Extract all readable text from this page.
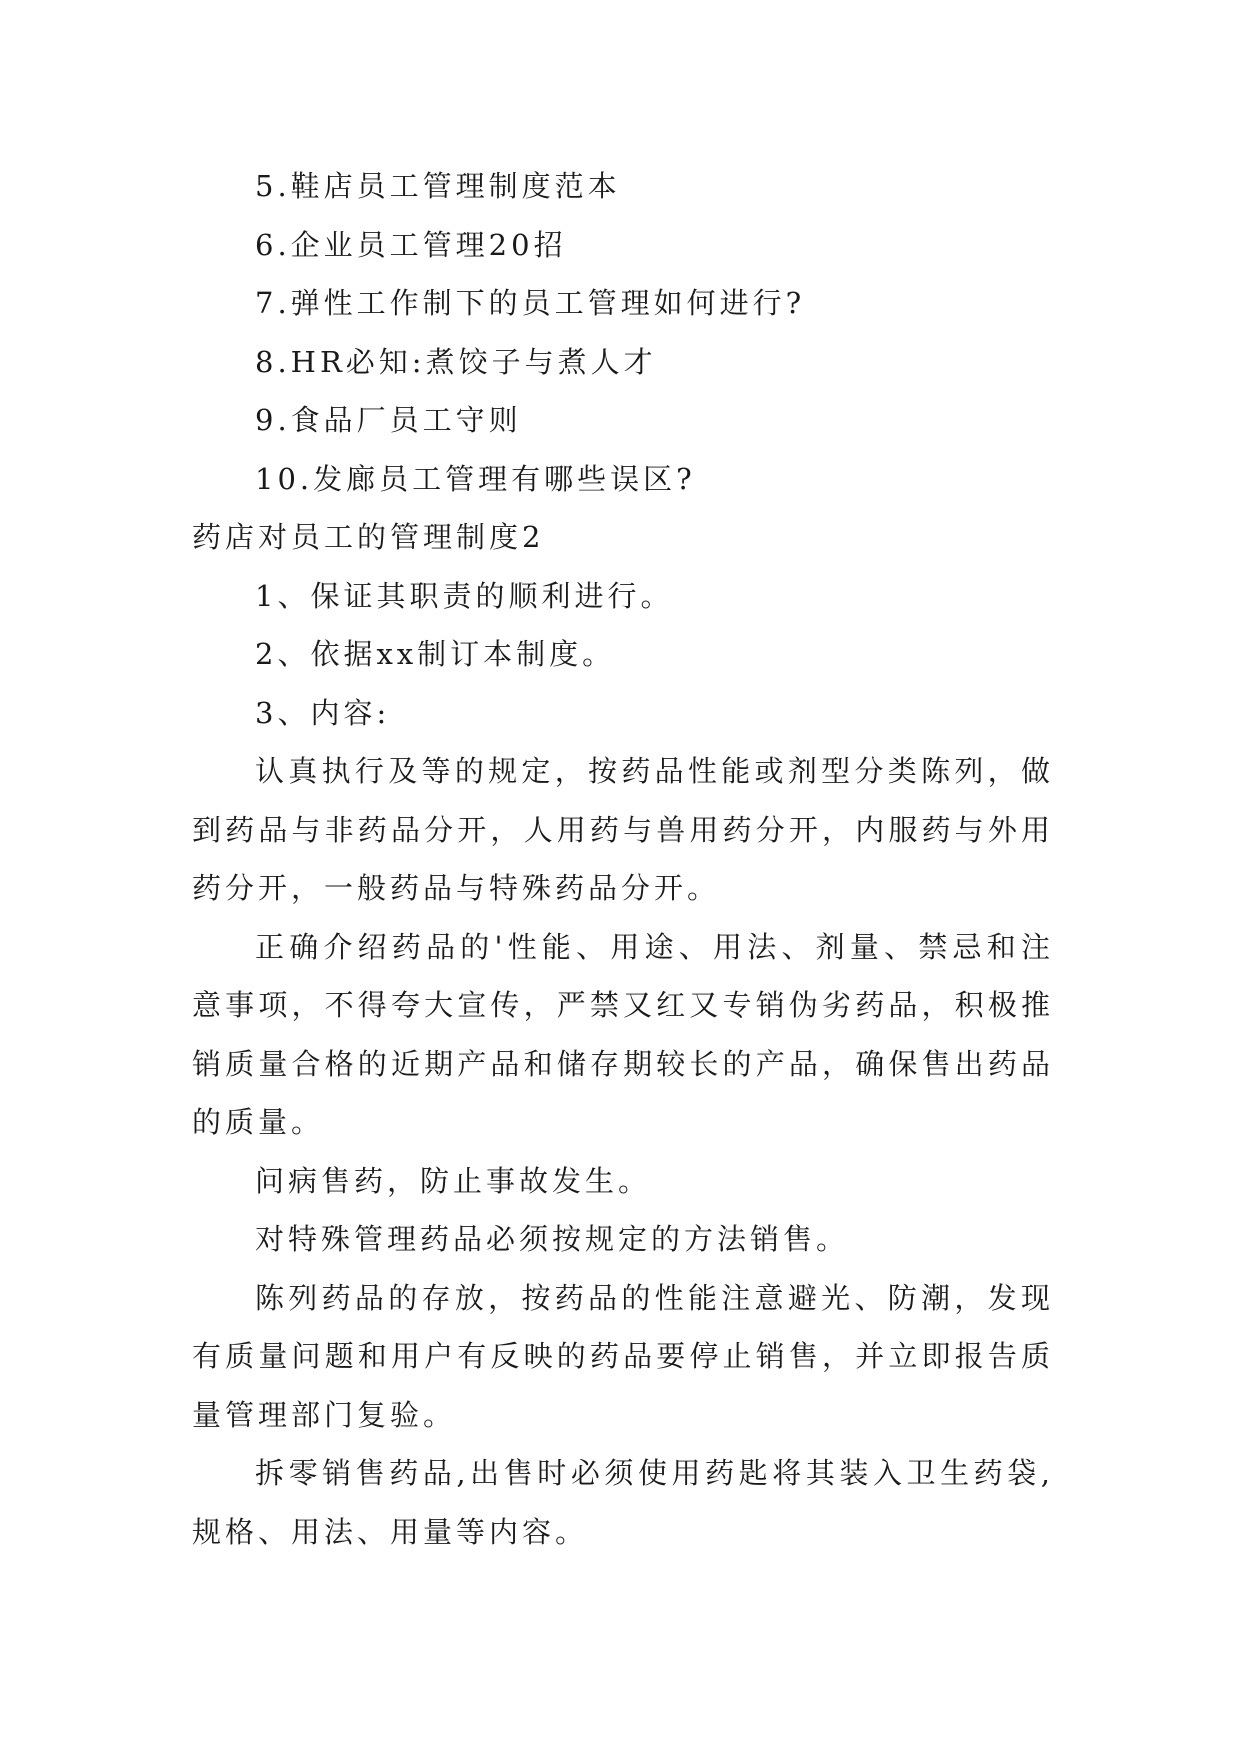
5.鞋店员工管理制度范本
6.企业员工管理20招
7.弹性工作制下的员工管理如何进行?
8.HR必知:煮饺子与煮人才
9.食品厂员工守则
10.发廊员工管理有哪些误区?
药店对员工的管理制度2
1、保证其职责的顺利进行。
2、依据xx制订本制度。
3、内容:

认真执行及等的规定，按药品性能或剂型分类陈列，做到药品与非药品分开，人用药与兽用药分开，内服药与外用药分开，一般药品与特殊药品分开。

正确介绍药品的'性能、用途、用法、剂量、禁忌和注意事项，不得夸大宣传，严禁又红又专销伪劣药品，积极推销质量合格的近期产品和储存期较长的产品，确保售出药品的质量。

问病售药，防止事故发生。

对特殊管理药品必须按规定的方法销售。

陈列药品的存放，按药品的性能注意避光、防潮，发现有质量问题和用户有反映的药品要停止销售，并立即报告质量管理部门复验。

拆零销售药品,出售时必须使用药匙将其装入卫生药袋,规格、用法、用量等内容。
